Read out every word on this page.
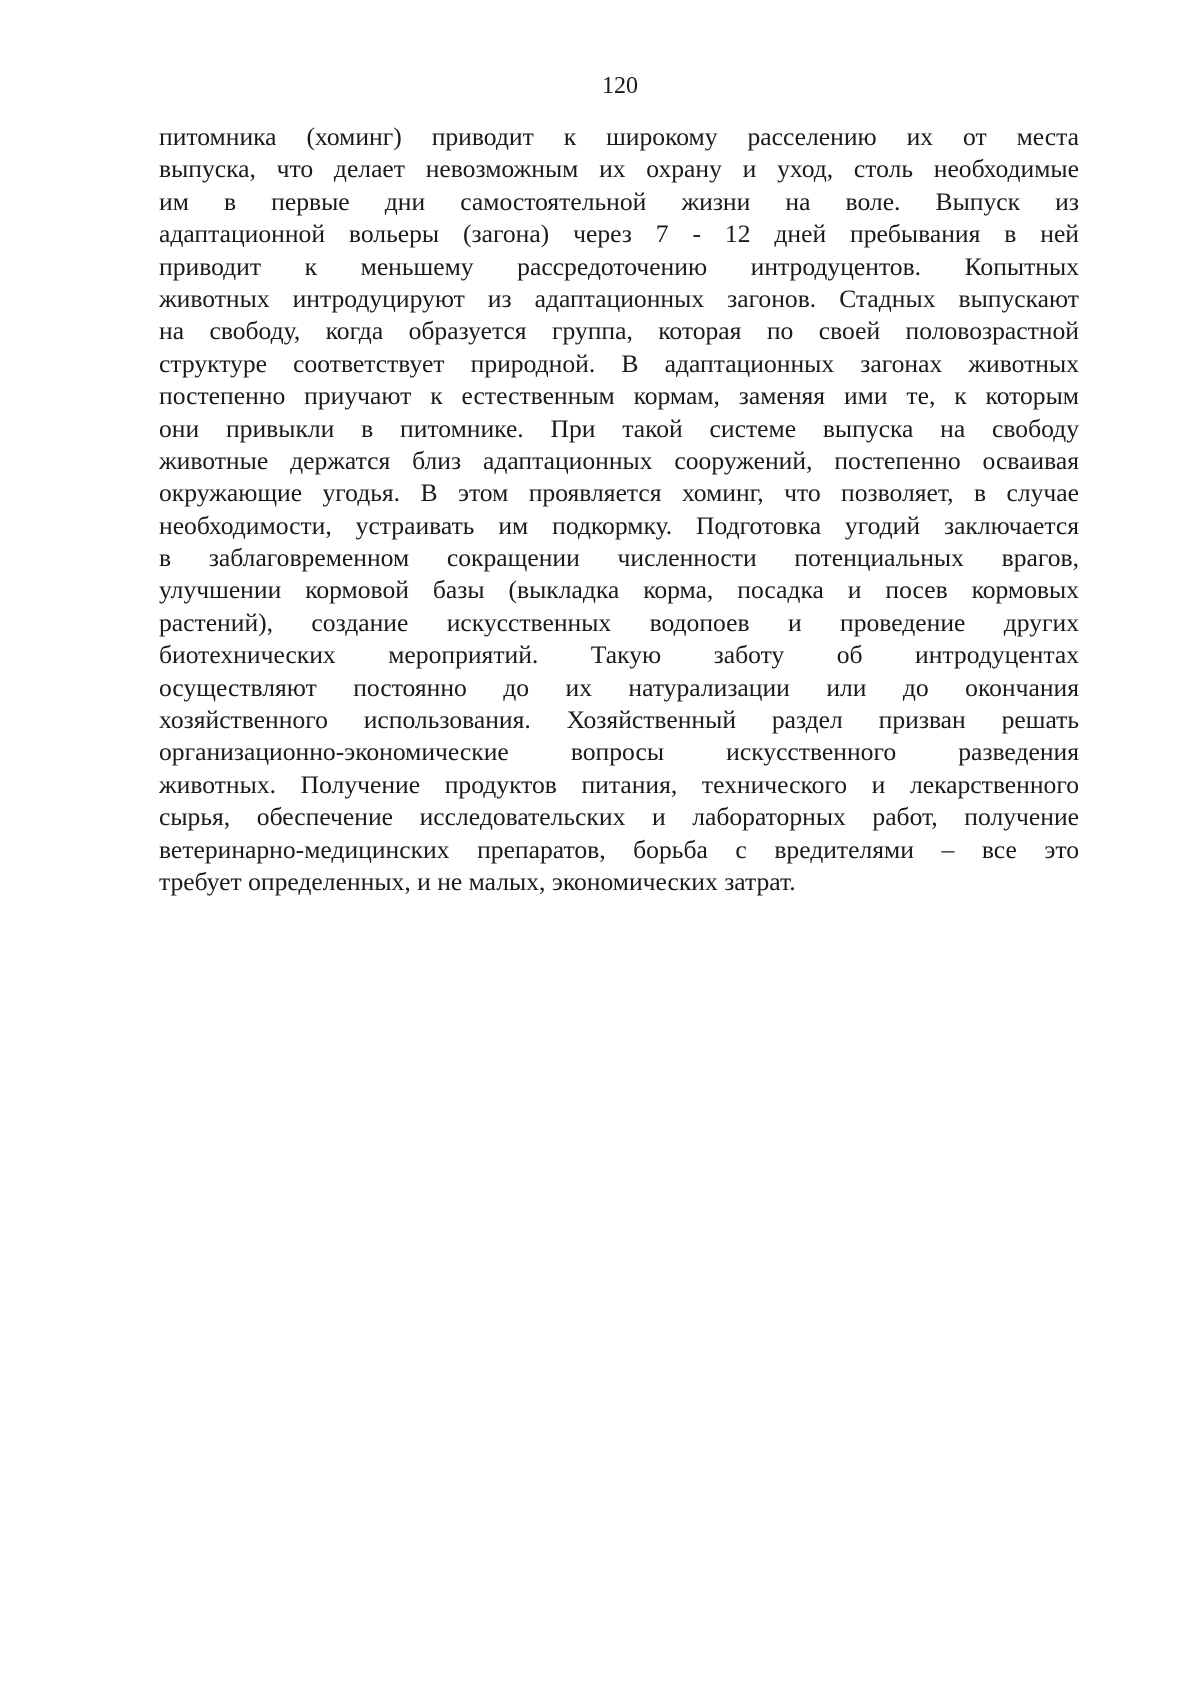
120
питомника (хоминг) приводит к широкому расселению их от места
выпуска, что делает невозможным их охрану и уход, столь необходимые
им в первые дни самостоятельной жизни на воле. Выпуск из
адаптационной вольеры (загона) через 7 - 12 дней пребывания в ней
приводит к меньшему рассредоточению интродуцентов. Копытных
животных интродуцируют из адаптационных загонов. Стадных выпускают
на свободу, когда образуется группа, которая по своей половозрастной
структуре соответствует природной. В адаптационных загонах животных
постепенно приучают к естественным кормам, заменяя ими те, к которым
они привыкли в питомнике. При такой системе выпуска на свободу
животные держатся близ адаптационных сооружений, постепенно осваивая
окружающие угодья. В этом проявляется хоминг, что позволяет, в случае
необходимости, устраивать им подкормку. Подготовка угодий заключается
в заблаговременном сокращении численности потенциальных врагов,
улучшении кормовой базы (выкладка корма, посадка и посев кормовых
растений), создание искусственных водопоев и проведение других
биотехнических мероприятий. Такую заботу об интродуцентах
осуществляют постоянно до их натурализации или до окончания
хозяйственного использования. Хозяйственный раздел призван решать
организационно-экономические вопросы искусственного разведения
животных. Получение продуктов питания, технического и лекарственного
сырья, обеспечение исследовательских и лабораторных работ, получение
ветеринарно-медицинских препаратов, борьба с вредителями – все это
требует определенных, и не малых, экономических затрат.
